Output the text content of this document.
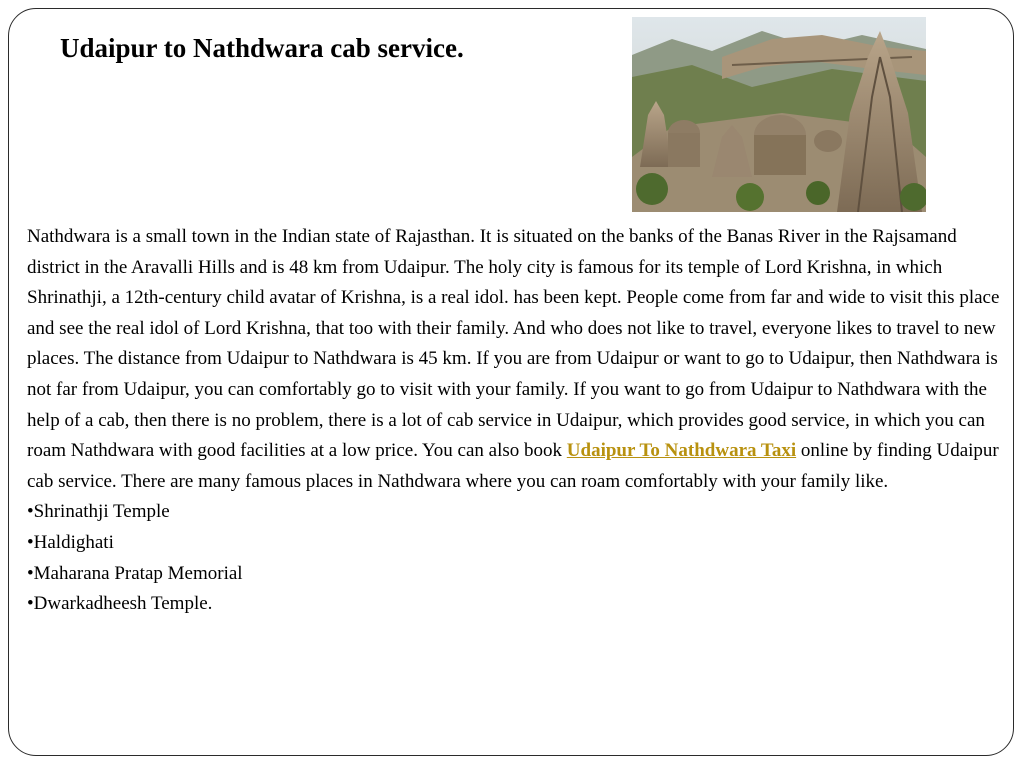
Udaipur to Nathdwara cab service.

Nathdwara is a small town in the Indian state of Rajasthan. It is situated on the banks of the Banas River in the Rajsamand district in the Aravalli Hills and is 48 km from Udaipur. The holy city is famous for its temple of Lord Krishna, in which Shrinathji, a 12th-century child avatar of Krishna, is a real idol. has been kept. People come from far and wide to visit this place and see the real idol of Lord Krishna, that too with their family. And who does not like to travel, everyone likes to travel to new places. The distance from Udaipur to Nathdwara is 45 km. If you are from Udaipur or want to go to Udaipur, then Nathdwara is not far from Udaipur, you can comfortably go to visit with your family. If you want to go from Udaipur to Nathdwara with the help of a cab, then there is no problem, there is a lot of cab service in Udaipur, which provides good service, in which you can roam Nathdwara with good facilities at a low price. You can also book Udaipur To Nathdwara Taxi online by finding Udaipur cab service. There are many famous places in Nathdwara where you can roam comfortably with your family like.

•Shrinathji Temple
•Haldighati
•Maharana Pratap Memorial
•Dwarkadheesh Temple.
